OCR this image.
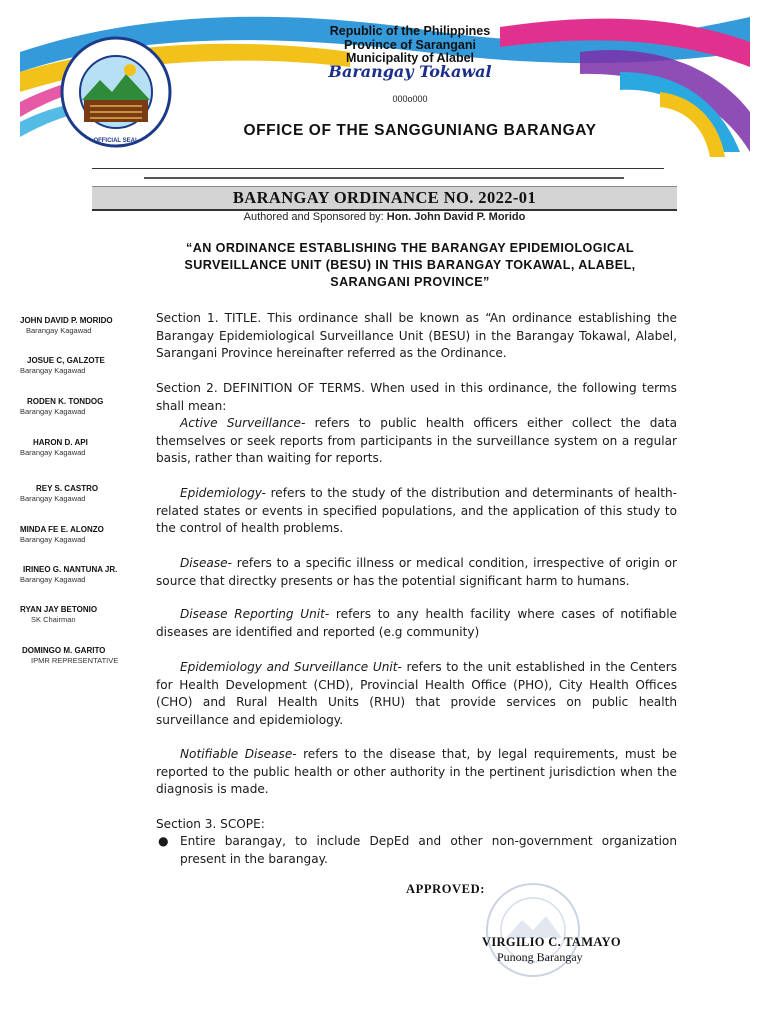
• OFFICIAL SEAL •
Republic of the Philippines
Province of Sarangani
Municipality of Alabel
Barangay Tokawal
000o000
OFFICE OF THE SANGGUNIANG BARANGAY
BARANGAY ORDINANCE NO. 2022-01
Authored and Sponsored by: Hon. John David P. Morido
“AN ORDINANCE ESTABLISHING THE BARANGAY EPIDEMIOLOGICAL
SURVEILLANCE UNIT (BESU) IN THIS BARANGAY TOKAWAL, ALABEL,
SARANGANI PROVINCE”
JOHN DAVID P. MORIDO
Barangay Kagawad
JOSUE C, GALZOTE
Barangay Kagawad
RODEN K. TONDOG
Barangay Kagawad
HARON D. API
Barangay Kagawad
REY S. CASTRO
Barangay Kagawad
MINDA FE E. ALONZO
Barangay Kagawad
IRINEO G. NANTUNA JR.
Barangay Kagawad
RYAN JAY BETONIO
SK Chairman
DOMINGO M. GARITO
IPMR REPRESENTATIVE

Section 1. TITLE. This ordinance shall be known as “An ordinance establishing the Barangay Epidemiological Surveillance Unit (BESU) in the Barangay Tokawal, Alabel, Sarangani Province hereinafter referred as the Ordinance.

Section 2. DEFINITION OF TERMS. When used in this ordinance, the following terms shall mean:

Active Surveillance- refers to public health officers either collect the data themselves or seek reports from participants in the surveillance system on a regular basis, rather than waiting for reports.

Epidemiology- refers to the study of the distribution and determinants of health-related states or events in specified populations, and the application of this study to the control of health problems.

Disease- refers to a specific illness or medical condition, irrespective of origin or source that directky presents or has the potential significant harm to humans.

Disease Reporting Unit- refers to any health facility where cases of notifiable diseases are identified and reported (e.g community)

Epidemiology and Surveillance Unit- refers to the unit established in the Centers for Health Development (CHD), Provincial Health Office (PHO), City Health Offices (CHO) and Rural Health Units (RHU) that provide services on public health surveillance and epidemiology.

Notifiable Disease- refers to the disease that, by legal requirements, must be reported to the public health or other authority in the pertinent jurisdiction when the diagnosis is made.

Section 3. SCOPE:
● Entire barangay, to include DepEd and other non-government organization present in the barangay.
APPROVED:
VIRGILIO C. TAMAYO
Punong Barangay
